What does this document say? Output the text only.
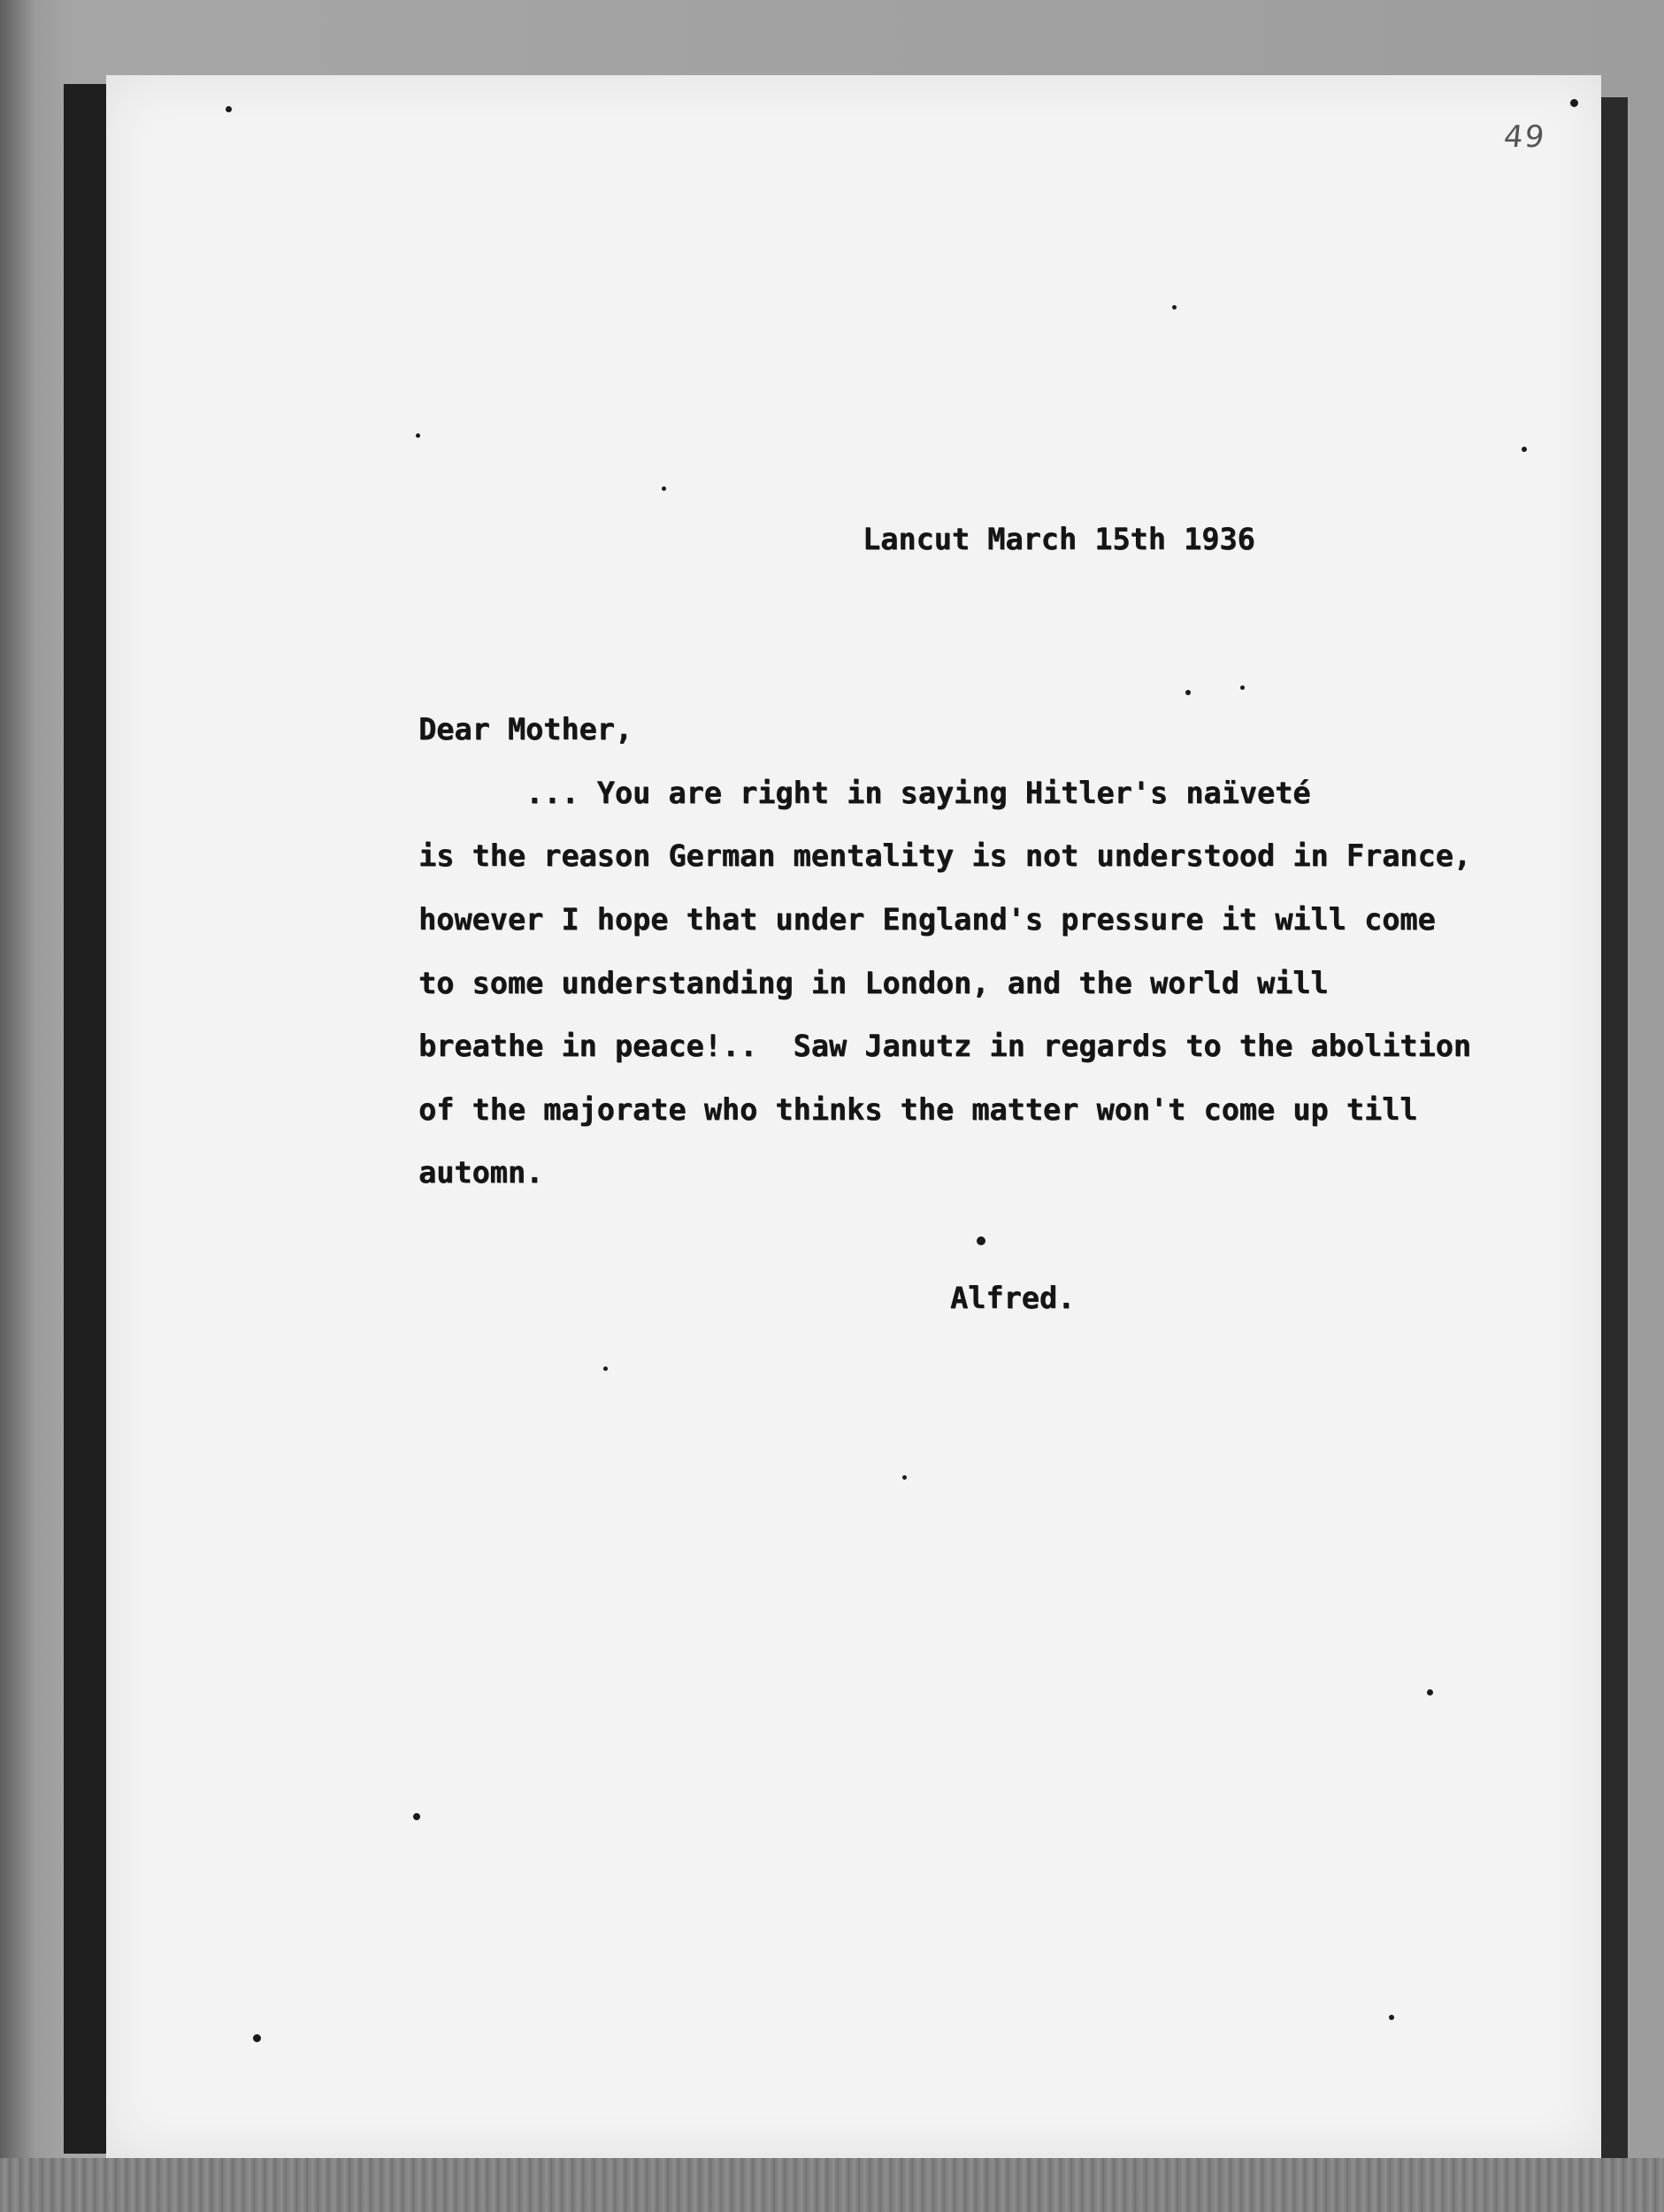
49
Lancut March 15th 1936
Dear Mother,
... You are right in saying Hitler's naïveté
is the reason German mentality is not understood in France,
however I hope that under England's pressure it will come
to some understanding in London, and the world will
breathe in peace!..  Saw Janutz in regards to the abolition
of the majorate who thinks the matter won't come up till
automn.
Alfred.
